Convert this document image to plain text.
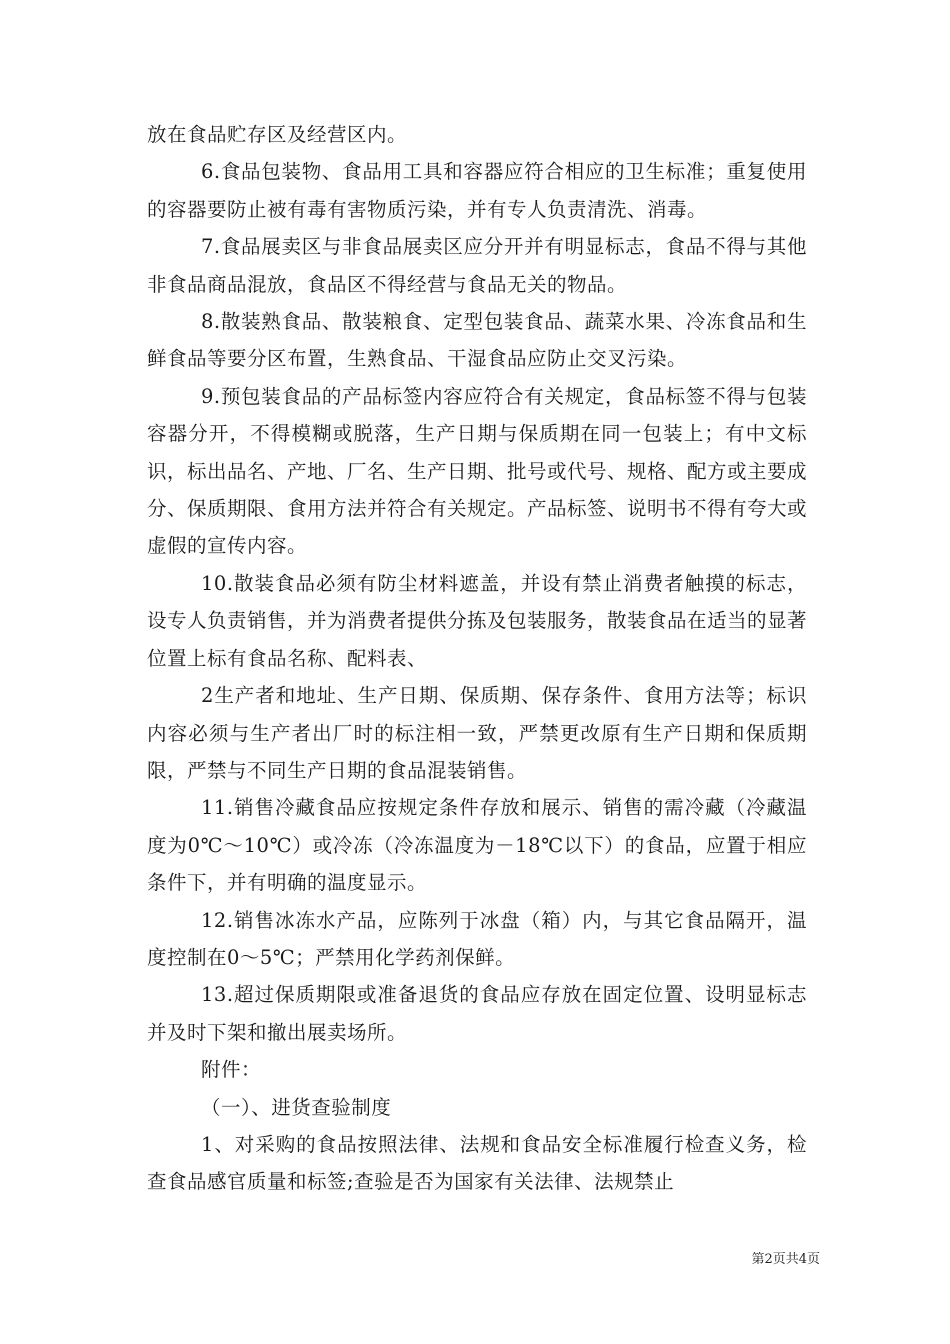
放在食品贮存区及经营区内。

6.食品包装物、食品用工具和容器应符合相应的卫生标准；重复使用的容器要防止被有毒有害物质污染，并有专人负责清洗、消毒。

7.食品展卖区与非食品展卖区应分开并有明显标志，食品不得与其他非食品商品混放，食品区不得经营与食品无关的物品。

8.散装熟食品、散装粮食、定型包装食品、蔬菜水果、冷冻食品和生鲜食品等要分区布置，生熟食品、干湿食品应防止交叉污染。

9.预包装食品的产品标签内容应符合有关规定，食品标签不得与包装容器分开，不得模糊或脱落，生产日期与保质期在同一包装上；有中文标识，标出品名、产地、厂名、生产日期、批号或代号、规格、配方或主要成分、保质期限、食用方法并符合有关规定。产品标签、说明书不得有夸大或虚假的宣传内容。

10.散装食品必须有防尘材料遮盖，并设有禁止消费者触摸的标志，设专人负责销售，并为消费者提供分拣及包装服务，散装食品在适当的显著位置上标有食品名称、配料表、

2生产者和地址、生产日期、保质期、保存条件、食用方法等；标识内容必须与生产者出厂时的标注相一致，严禁更改原有生产日期和保质期限，严禁与不同生产日期的食品混装销售。

11.销售冷藏食品应按规定条件存放和展示、销售的需冷藏（冷藏温度为0℃～10℃）或冷冻（冷冻温度为－18℃以下）的食品，应置于相应条件下，并有明确的温度显示。

12.销售冰冻水产品，应陈列于冰盘（箱）内，与其它食品隔开，温度控制在0～5℃；严禁用化学药剂保鲜。

13.超过保质期限或准备退货的食品应存放在固定位置、设明显标志并及时下架和撤出展卖场所。

附件：

（一）、进货查验制度

1、对采购的食品按照法律、法规和食品安全标准履行检查义务，检查食品感官质量和标签;查验是否为国家有关法律、法规禁止

第2页共4页
